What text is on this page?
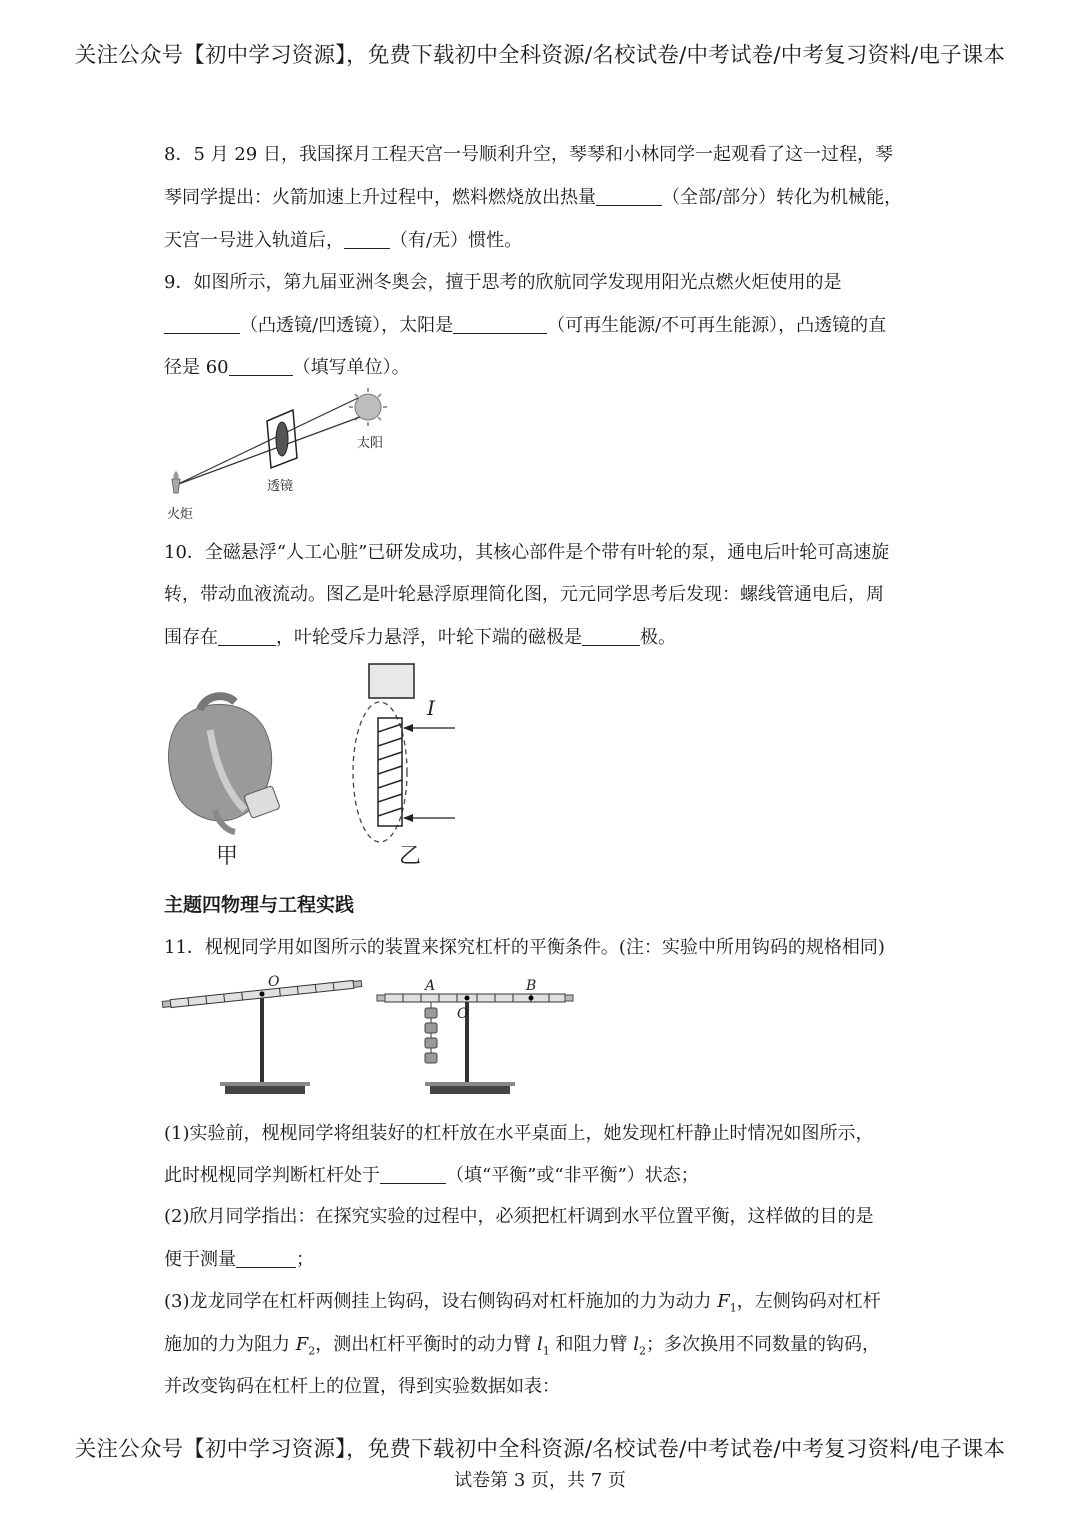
关注公众号【初中学习资源】，免费下载初中全科资源/名校试卷/中考试卷/中考复习资料/电子课本
8．5 月 29 日，我国探月工程天宫一号顺利升空，琴琴和小林同学一起观看了这一过程，琴
琴同学提出：火箭加速上升过程中，燃料燃烧放出热量	（全部/部分）转化为机械能，
天宫一号进入轨道后，	（有/无）惯性。
9．如图所示，第九届亚洲冬奥会，擅于思考的欣航同学发现用阳光点燃火炬使用的是
（凸透镜/凹透镜），太阳是	（可再生能源/不可再生能源），凸透镜的直
径是 60	（填写单位）。
太阳
透镜
火炬
10．全磁悬浮“人工心脏”已研发成功，其核心部件是个带有叶轮的泵，通电后叶轮可高速旋
转，带动血液流动。图乙是叶轮悬浮原理简化图，元元同学思考后发现：螺线管通电后，周
围存在	，叶轮受斥力悬浮，叶轮下端的磁极是	极。
甲
I
乙
主题四物理与工程实践
11．枧枧同学用如图所示的装置来探究杠杆的平衡条件。(注：实验中所用钩码的规格相同)
O	A
O
B
(1)实验前，枧枧同学将组装好的杠杆放在水平桌面上，她发现杠杆静止时情况如图所示，
此时枧枧同学判断杠杆处于	（填“平衡”或“非平衡”）状态；
(2)欣月同学指出：在探究实验的过程中，必须把杠杆调到水平位置平衡，这样做的目的是
便于测量	；
(3)龙龙同学在杠杆两侧挂上钩码，设右侧钩码对杠杆施加的力为动力 $F_1$，左侧钩码对杠杆
施加的力为阻力 $F_2$，测出杠杆平衡时的动力臂 $l_1$ 和阻力臂 $l_2$；多次换用不同数量的钩码，
并改变钩码在杠杆上的位置，得到实验数据如表：
关注公众号【初中学习资源】，免费下载初中全科资源/名校试卷/中考试卷/中考复习资料/电子课本
试卷第 3 页，共 7 页
